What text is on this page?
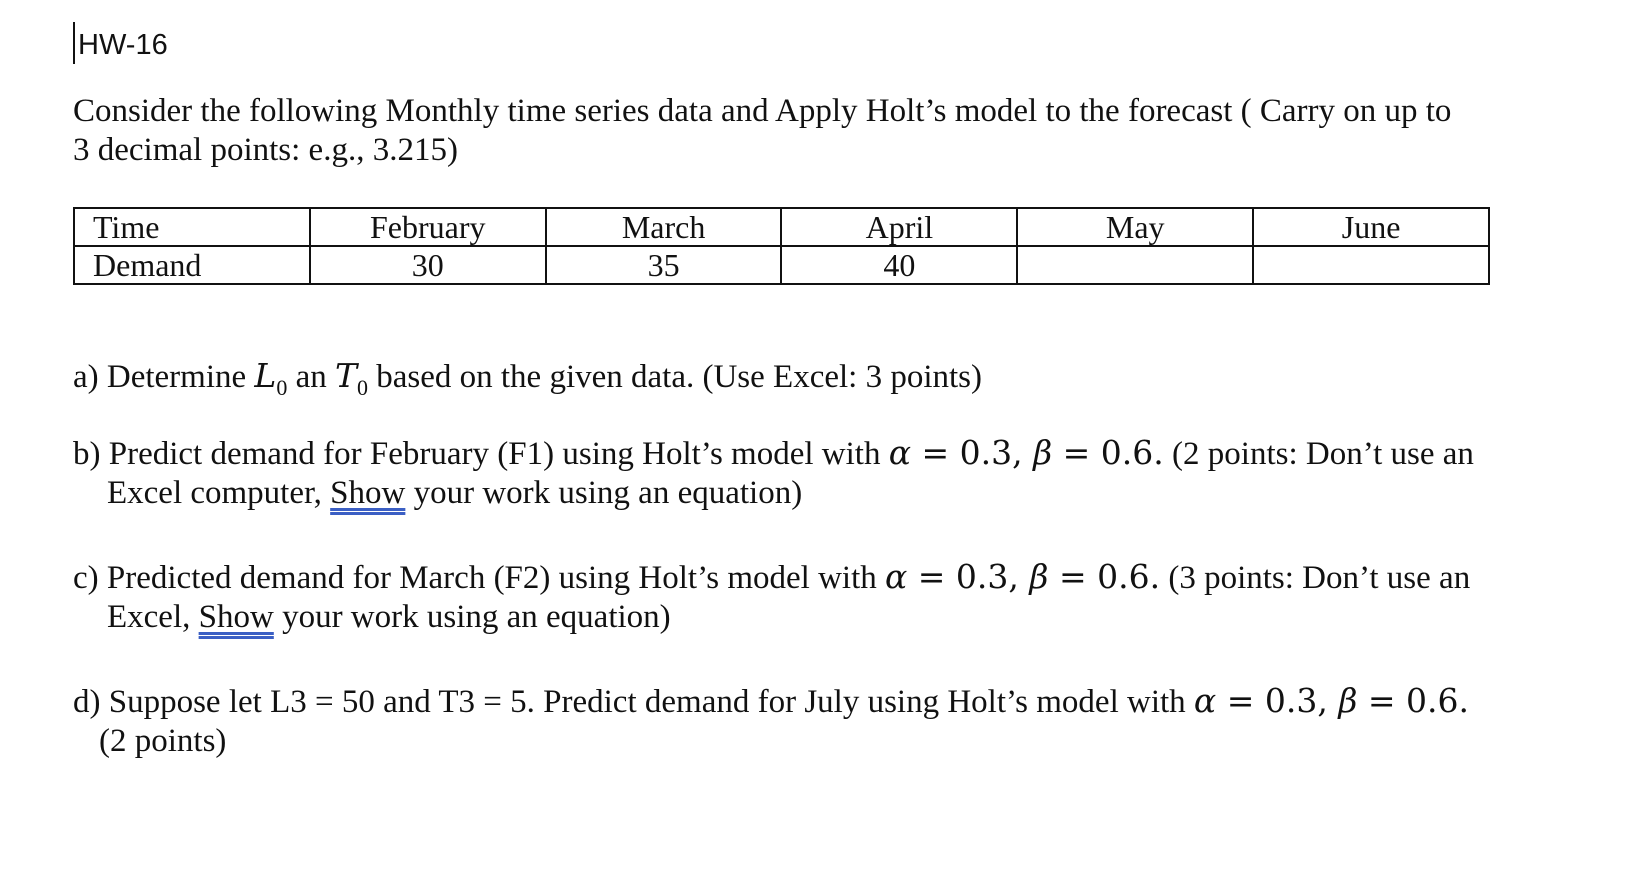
HW-16

Consider the following Monthly time series data and Apply Holt’s model to the forecast ( Carry on up to
3 decimal points: e.g., 3.215)

Time	February	March	April	May	June
Demand	30	35	40		

a) Determine $L_0$ an $T_0$ based on the given data. (Use Excel: 3 points)

b) Predict demand for February (F1) using Holt’s model with α = 0.3, β = 0.6. (2 points: Don’t use an
Excel computer, Show your work using an equation)

c) Predicted demand for March (F2) using Holt’s model with α = 0.3, β = 0.6. (3 points: Don’t use an
Excel, Show your work using an equation)

d) Suppose let L3 = 50 and T3 = 5. Predict demand for July using Holt’s model with α = 0.3, β = 0.6.
(2 points)
